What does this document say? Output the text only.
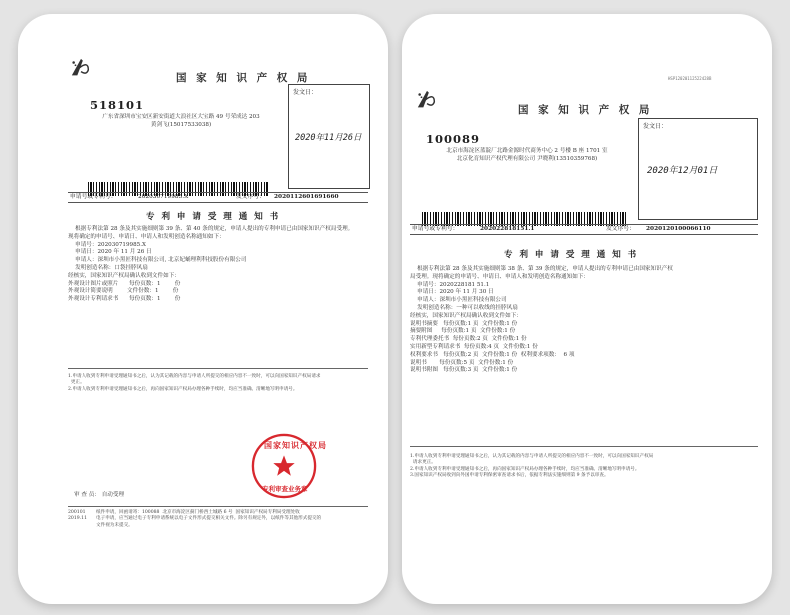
国 家 知 识 产 权 局
518101
广东省深圳市宝安区新安街道大浪社区大宝路 49 号荣成达 203
黄剑飞(15017533038)
发文日：
2020年11月26日
申请号或专利号：	202030719985.X	发文序号： 2020112601691660
专 利 申 请 受 理 通 知 书
根据专利法第 28 条及其实施细则第 39 条、第 40 条的规定，申请人提出的专利申请已由国家知识产权局受理。
现将确定的申请号、申请日、申请人和发明创造名称通知如下：
申请号：202030719985.X
申请日：2020 年 11 月 26 日
申请人：深圳市小黑匠科技有限公司, 北京妃蛹理利科技股份有限公司
发明创造名称：口袋挂脖风扇
经核实，国家知识产权局确认收到文件如下：
外观设计图片或照片      每份页数：1        份
外观设计简要说明        文件份数：1        份
外观设计专利请求书      每份页数：1        份
1.申请人收到专利申请受理通知书之后，认为其记载的内容与申请人所提交的相应内容不一致时，可以向国家知识产权局请求
更正。
2.申请人收到专利申请受理通知书之后，再向国家知识产权局办理各种手续时，均应当准确、清晰地写明申请号。
国家知识产权局
专利审查业务章
审 查 员： 自动受理
200101
2019.11
纸件申请，回函请寄：100088  北京市海淀区蓟门桥西土城路 6 号  国家知识产权局专利局受理处收
电子申请，应当通过电子专利申请系统以电子文件形式提交相关文件。除另有规定外，以纸件等其他形式提交的
文件视为未提交。
HSP12020112522428B
国 家 知 识 产 权 局
100089
北京市海淀区蓝靛厂北路金源时代商务中心 2 号楼 B 座 1701 室
北京化育知识产权代理有限公司 尹晓利(13510359768)
发文日：
2020年12月01日
申请号或专利号：	202022818151.1	发文序号： 2020120100066110
专 利 申 请 受 理 通 知 书
根据专利法第 28 条及其实施细则第 38 条、第 39 条的规定，申请人提出的专利申请已由国家知识产权
局受理。现将确定的申请号、申请日、申请人和发明创造名称通知如下：
申请号：2020228181 51.1
申请日：2020 年 11 月 30 日
申请人：深圳市小黑匠科技有限公司
发明创造名称：一种可以收线的挂脖风扇
经核实，国家知识产权局确认收到文件如下：
说明书摘要   每份页数:1 页  文件份数:1 份
摘要附图     每份页数:1 页  文件份数:1 份
专利代理委托书  每份页数:2 页  文件份数:1 份
实用新型专利请求书  每份页数:4 页  文件份数:1 份
权利要求书   每份页数:2 页  文件份数:1 份  权利要求项数：  6 项
说明书       每份页数:5 页  文件份数:1 份
说明书附图   每份页数:3 页  文件份数:1 份
1.申请人收到专利申请受理通知书之后，认为其记载的内容与申请人所提交的相应内容不一致时，可以向国家知识产权局
请求更正。
2.申请人收到专利申请受理通知书之后，再向国家知识产权局办理各种手续时，均应当准确、清晰地写明申请号。
3.国家知识产权局收到向外国申请专利保密审查请求书后，依据专利法实施细则第 9 条予以审查。
